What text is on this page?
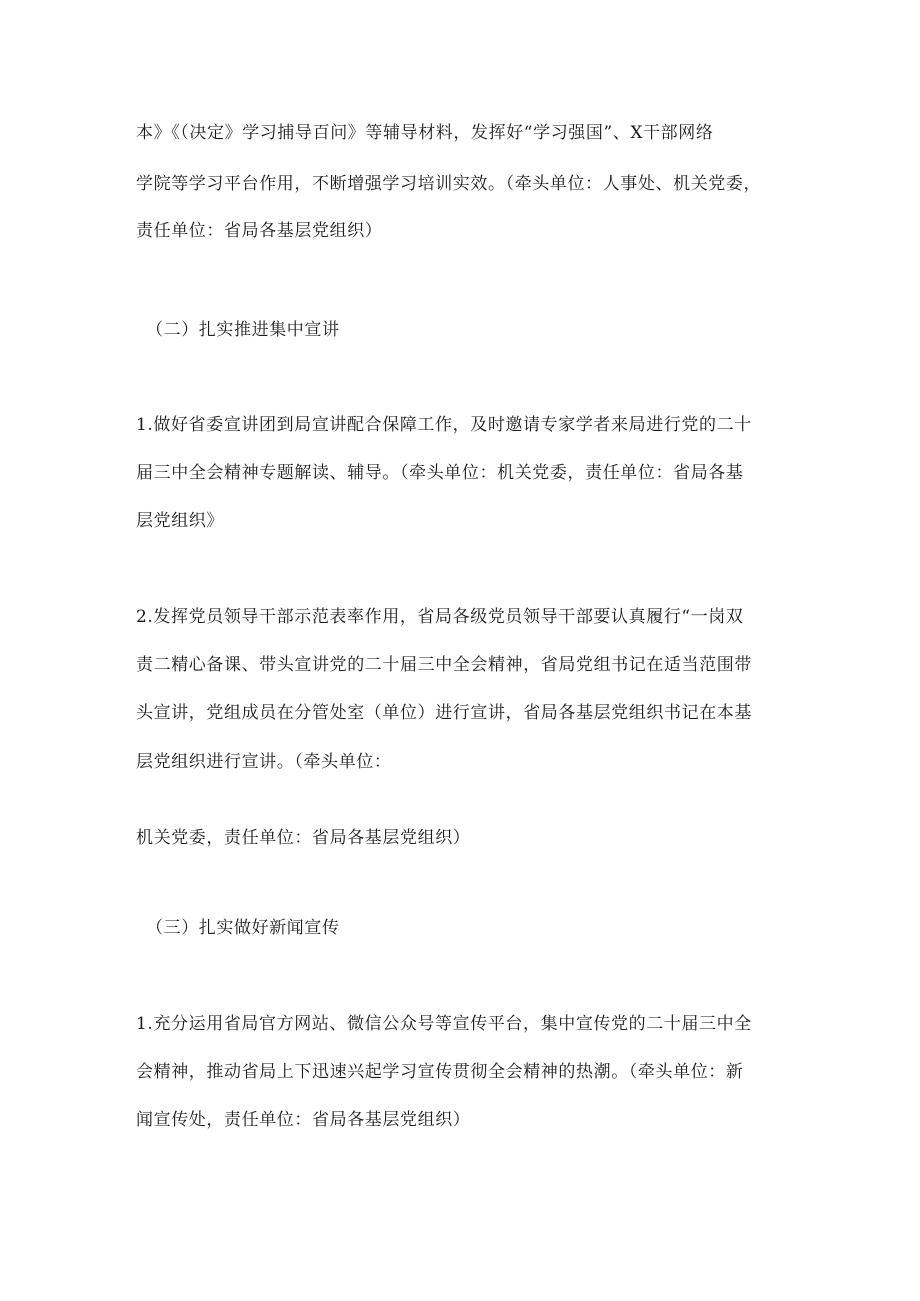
本》《（决定》学习捕导百问》等辅导材料，发挥好“学习强国”、X干部网络
学院等学习平台作用，不断增强学习培训实效。（牵头单位：人事处、机关党委，
责任单位：省局各基层党组织）
（二）扎实推进集中宣讲
1.做好省委宣讲团到局宣讲配合保障工作，及时邀请专家学者来局进行党的二十
届三中全会精神专题解读、辅导。（牵头单位：机关党委，责任单位：省局各基
层党组织》
2.发挥党员领导干部示范表率作用，省局各级党员领导干部要认真履行“一岗双
责二精心备课、带头宣讲党的二十届三中全会精神，省局党组书记在适当范围带
头宣讲，党组成员在分管处室（单位）进行宣讲，省局各基层党组织书记在本基
层党组织进行宣讲。（牵头单位：
机关党委，责任单位：省局各基层党组织）
（三）扎实做好新闻宣传
1.充分运用省局官方网站、微信公众号等宣传平台，集中宣传党的二十届三中全
会精神，推动省局上下迅速兴起学习宣传贯彻全会精神的热潮。（牵头单位：新
闻宣传处，责任单位：省局各基层党组织）
